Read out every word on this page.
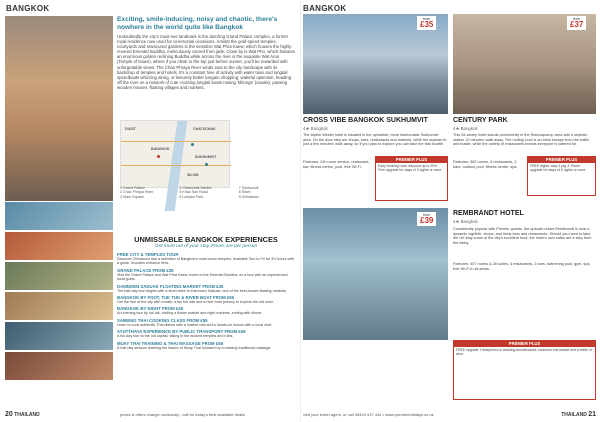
BANGKOK
Exciting, smile-inducing, noisy and chaotic, there's nowhere in the world quite like Bangkok
Undoubtedly the city's must-see landmark is the dazzling Grand Palace complex, a former royal residence now used for ceremonial occasions. Amidst the gold-spired temples, courtyards and manicured gardens is the sensitive Wat Phra Kaew, which houses the highly revered Emerald Buddha, meticulously carved from jade. Close by is Wat Pho, which features an enormous golden reclining Buddha while across the river is the exquisite Wat Arun (Temple of Dawn), where if you climb to the top just before sunset, you'll be rewarded with unforgettable views. The Chao Phraya River winds east to the city landscape with its backdrop of temples and hotels. It's a constant hive of activity with water taxis and longtail speedboats whizzing along, or leisurely better bargain shopping, wakeful optimism, heading off the river on a network of cute crossing longtail boats rowing 'khlongs' (canals), passing wooden houses, floating villages and markets.
DUSIT
BANGKOK
CHATUCHAK
SUKHUMVIT
SILOM
1 Grand Palace
2 Chao Phraya River
3 Siam Square
4 Chatuchak Market
5 Khao San Road
6 Lumpini Park
7 Sukhumvit
8 Silom
9 Chinatown
UNMISSABLE BANGKOK EXPERIENCES
Get more out of your stay. Prices are per person
FREE CITY & TEMPLES TOUR
Discover Chinatown and a selection of Bangkok's most iconic temples. Available Sun to Fri for 3½ hours with a guide. Includes entrance fees.
GRAND PALACE FROM £35
Visit the Grand Palace and Wat Phra Kaew, home of the Emerald Buddha, on a tour with an experienced local guide.
DAMNOEN SADUAK FLOATING MARKET FROM £35
The half-day tour begins with a short drive to Damnoen Saduak, one of the best-known floating markets.
BANGKOK BY FOOT, TUK TUK & RIVER BOAT FROM £55
Get the feel of the city with a walk, a tuk tuk ride and a river boat journey to explore the old town.
BANGKOK BY NIGHT FROM £35
An evening tour by tuk tuk, visiting a flower market and night markets, ending with dinner.
SABIENG THAI COOKING CLASS FROM £55
Learn to cook authentic Thai dishes with a market visit and a hands-on lesson with a local chef.
AYUTTHAYA EXPERIENCE BY PUBLIC TRANSPORT FROM £59
A full-day tour to the old capital, taking in the ancient temples and ruins.
MUAY THAI TRAINING & THAI MASSAGE FROM £55
A half-day session learning the basics of Muay Thai followed by a relaxing traditional massage.
20 THAILAND	prices & offers change constantly - call for today's best available deals!
BANGKOK
from
£35
CROSS VIBE BANGKOK SUKHUMVIT
4★ Bangkok
The stylish Westin hotel is situated in the upmarket, more fashionable Sukhumvit area. On the door step are shops, bars, restaurants and markets, while the skytrain is just a few minutes' walk away, so if you plan to explore you can take the fast shuttle.
Features: 24h room service, restaurant, bar, fitness centre, pool, free Wi-Fi.
PREMIER PLUS
Early booking room discount up to 20%. Free upgrade for stays of 3 nights or more.
from
£37
CENTURY PARK
4★ Bangkok
This 26-storey hotel stands prominently in the Ratchaprarop area with a skytrain station 10 minutes' walk away. The rooftop pool is an ideal escape from the traffic and bustle, while the variety of restaurants means everyone is catered for.
Features: 382 rooms, 6 restaurants, 2 bars, outdoor pool, fitness centre, spa.
PREMIER PLUS
FREE nights: stay 4 pay 3. Room upgrade for stays of 5 nights or more.
from
£39
REMBRANDT HOTEL
4★ Bangkok
Consistently popular with Premier guests, the upscale urban Rembrandt is near a dynamic nightlife, shops, and lively bars and restaurants. Should you need to take the UK stay some of the city's excellent food, the hotel's own cafes are a step from the lobby.
Features: 407 rooms & 28 suites, 4 restaurants, 2 bars, swimming pool, gym, spa, free Wi-Fi in all areas.
PREMIER PLUS
FREE upgrade. Honeymoon & wedding anniversaries: welcome fruit basket and a bottle of wine.
visit your travel agent, or call 08444 937 444 • www.premierholidays.co.uk	THAILAND 21
